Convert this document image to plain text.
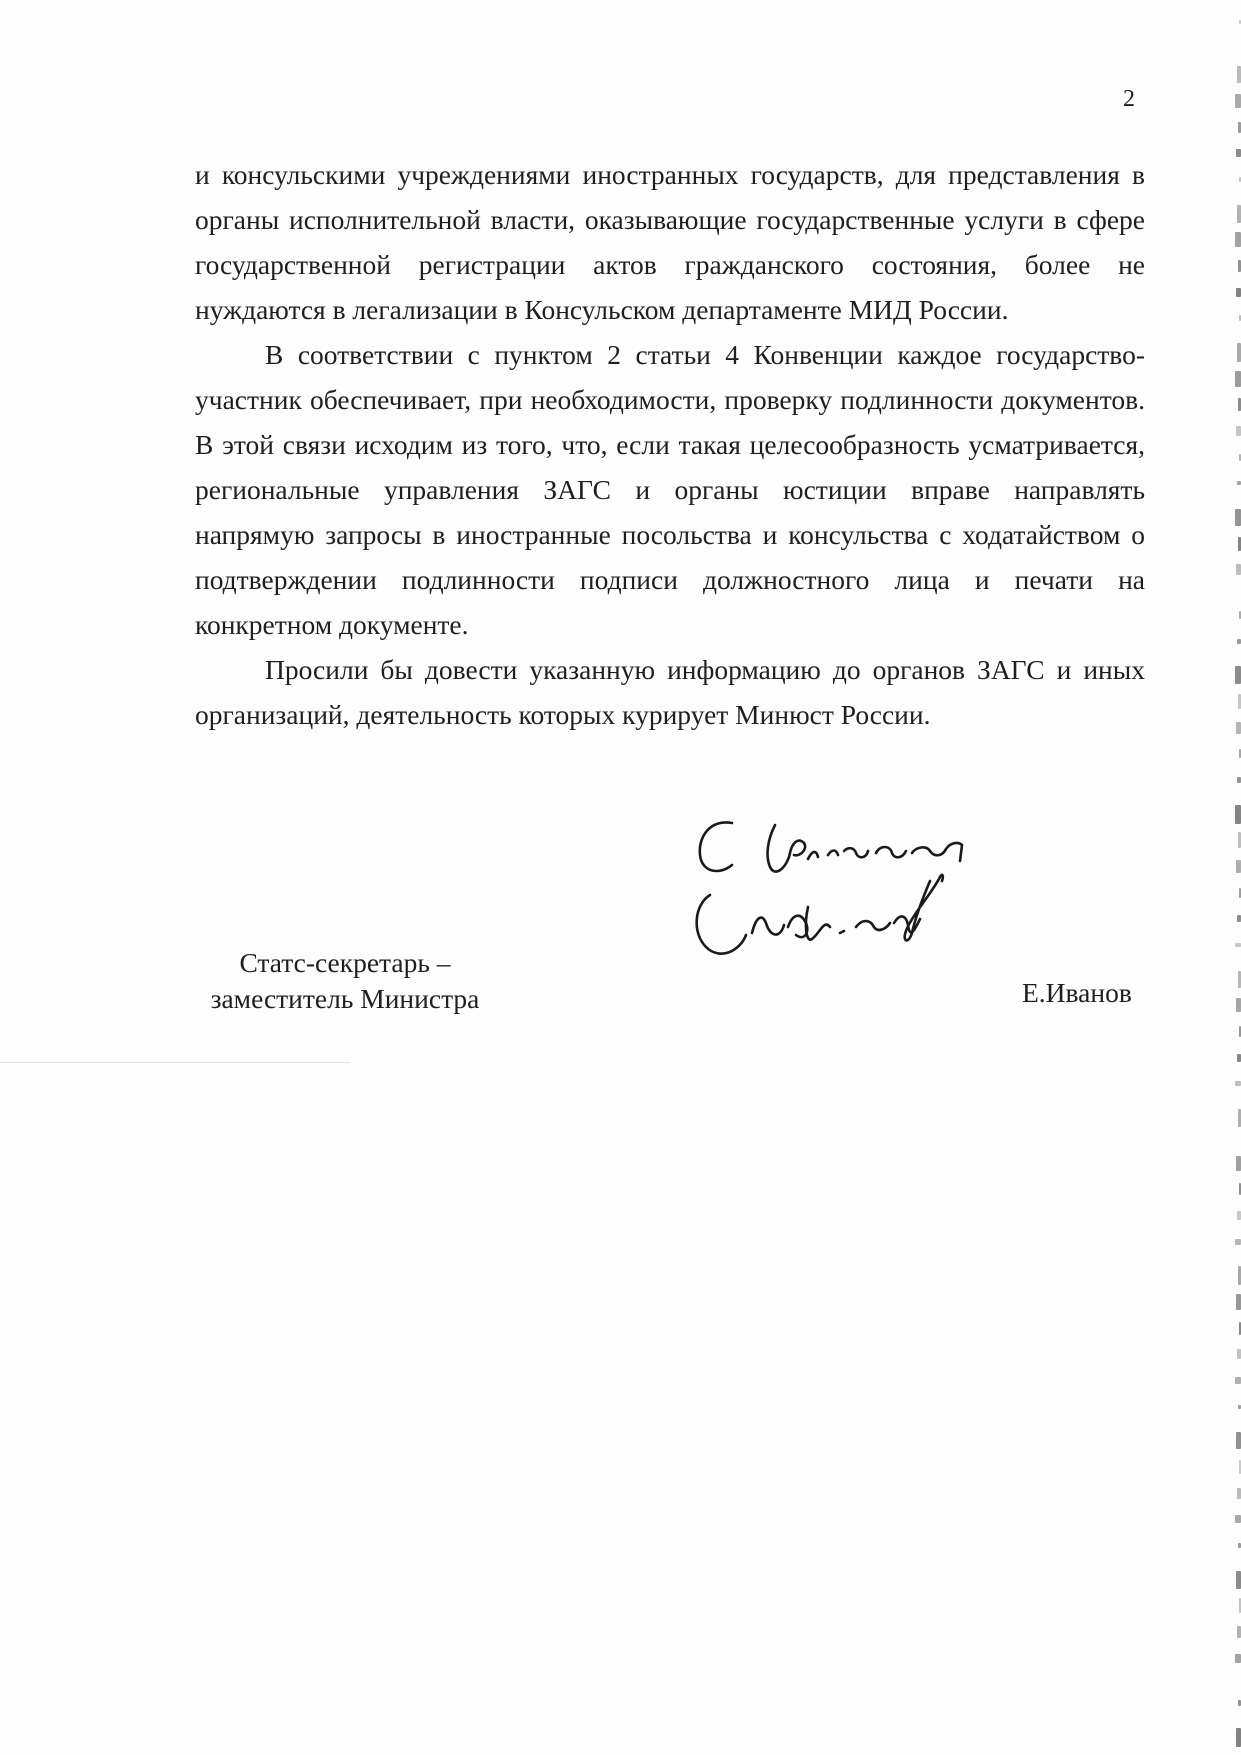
2

и консульскими учреждениями иностранных государств, для представления в органы исполнительной власти, оказывающие государственные услуги в сфере государственной регистрации актов гражданского состояния, более не нуждаются в легализации в Консульском департаменте МИД России.

В соответствии с пунктом 2 статьи 4 Конвенции каждое государство-участник обеспечивает, при необходимости, проверку подлинности документов. В этой связи исходим из того, что, если такая целесообразность усматривается, региональные управления ЗАГС и органы юстиции вправе направлять напрямую запросы в иностранные посольства и консульства с ходатайством о подтверждении подлинности подписи должностного лица и печати на конкретном документе.

Просили бы довести указанную информацию до органов ЗАГС и иных организаций, деятельность которых курирует Минюст России.

Статс-секретарь –
заместитель Министра	Е.Иванов
